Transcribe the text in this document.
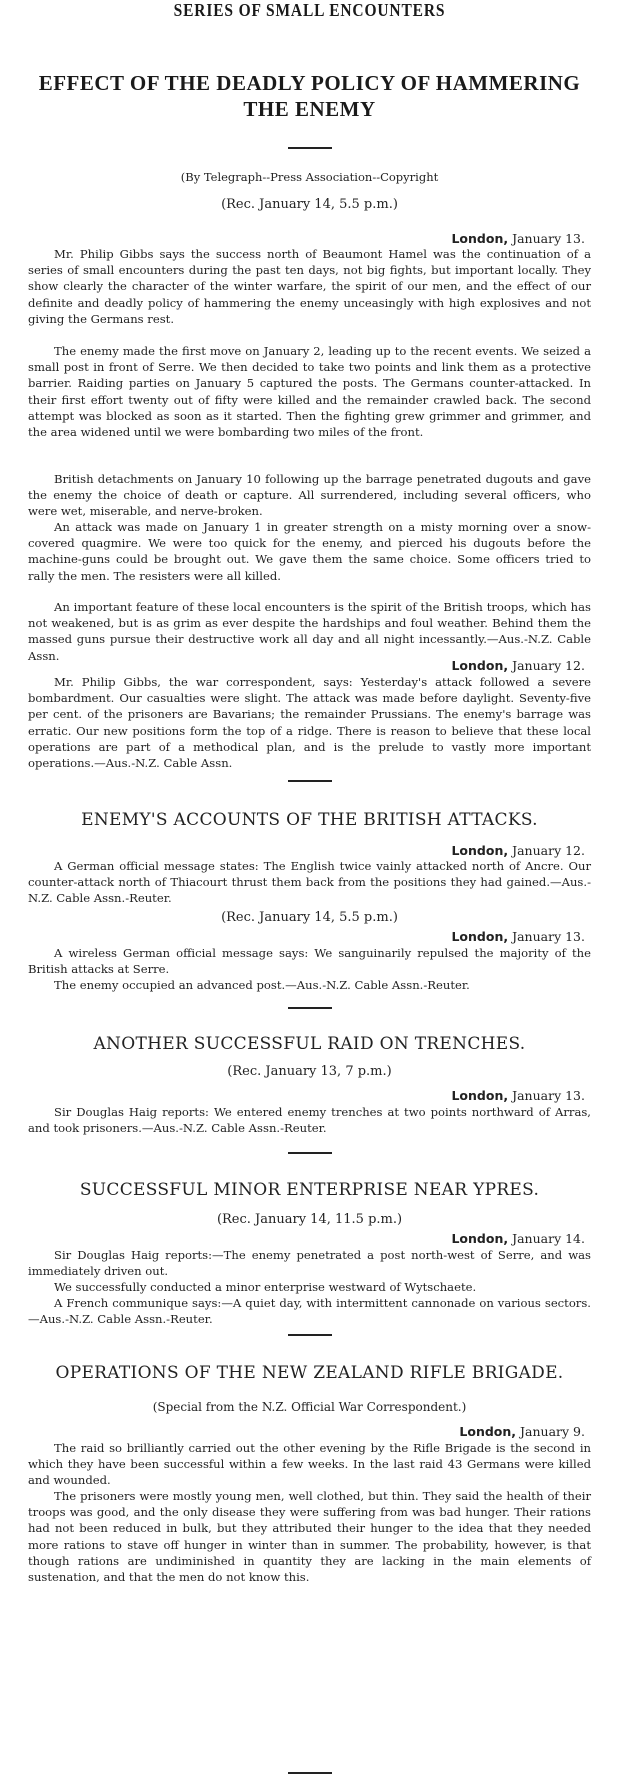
SERIES OF SMALL ENCOUNTERS
EFFECT OF THE DEADLY POLICY OF HAMMERING THE ENEMY
(By Telegraph--Press Association--Copyright
(Rec. January 14, 5.5 p.m.)
London, January 13.

Mr. Philip Gibbs says the success north of Beaumont Hamel was the continuation of a series of small encounters during the past ten days, not big fights, but important locally. They show clearly the character of the winter warfare, the spirit of our men, and the effect of our definite and deadly policy of hammering the enemy unceasingly with high explosives and not giving the Germans rest.

The enemy made the first move on January 2, leading up to the recent events. We seized a small post in front of Serre. We then decided to take two points and link them as a protective barrier. Raiding parties on January 5 captured the posts. The Germans counter-attacked. In their first effort twenty out of fifty were killed and the remainder crawled back. The second attempt was blocked as soon as it started. Then the fighting grew grimmer and grimmer, and the area widened until we were bombarding two miles of the front.

British detachments on January 10 following up the barrage penetrated dugouts and gave the enemy the choice of death or capture. All surrendered, including several officers, who were wet, miserable, and nerve-broken.

An attack was made on January 1 in greater strength on a misty morning over a snow-covered quagmire. We were too quick for the enemy, and pierced his dugouts before the machine-guns could be brought out. We gave them the same choice. Some officers tried to rally the men. The resisters were all killed.

An important feature of these local encounters is the spirit of the British troops, which has not weakened, but is as grim as ever despite the hardships and foul weather. Behind them the massed guns pursue their destructive work all day and all night incessantly.—Aus.-N.Z. Cable Assn.

London, January 12.

Mr. Philip Gibbs, the war correspondent, says: Yesterday's attack followed a severe bombardment. Our casualties were slight. The attack was made before daylight. Seventy-five per cent. of the prisoners are Bavarians; the remainder Prussians. The enemy's barrage was erratic. Our new positions form the top of a ridge. There is reason to believe that these local operations are part of a methodical plan, and is the prelude to vastly more important operations.—Aus.-N.Z. Cable Assn.

ENEMY'S ACCOUNTS OF THE BRITISH ATTACKS.
London, January 12.

A German official message states: The English twice vainly attacked north of Ancre. Our counter-attack north of Thiacourt thrust them back from the positions they had gained.—Aus.-N.Z. Cable Assn.-Reuter.

(Rec. January 14, 5.5 p.m.)
London, January 13.

A wireless German official message says: We sanguinarily repulsed the majority of the British attacks at Serre.

The enemy occupied an advanced post.—Aus.-N.Z. Cable Assn.-Reuter.

ANOTHER SUCCESSFUL RAID ON TRENCHES.
(Rec. January 13, 7 p.m.)
London, January 13.

Sir Douglas Haig reports: We entered enemy trenches at two points northward of Arras, and took prisoners.—Aus.-N.Z. Cable Assn.-Reuter.

SUCCESSFUL MINOR ENTERPRISE NEAR YPRES.
(Rec. January 14, 11.5 p.m.)
London, January 14.

Sir Douglas Haig reports:—The enemy penetrated a post north-west of Serre, and was immediately driven out.

We successfully conducted a minor enterprise westward of Wytschaete.

A French communique says:—A quiet day, with intermittent cannonade on various sectors.—Aus.-N.Z. Cable Assn.-Reuter.

OPERATIONS OF THE NEW ZEALAND RIFLE BRIGADE.
(Special from the N.Z. Official War Correspondent.)
London, January 9.

The raid so brilliantly carried out the other evening by the Rifle Brigade is the second in which they have been successful within a few weeks. In the last raid 43 Germans were killed and wounded.

The prisoners were mostly young men, well clothed, but thin. They said the health of their troops was good, and the only disease they were suffering from was bad hunger. Their rations had not been reduced in bulk, but they attributed their hunger to the idea that they needed more rations to stave off hunger in winter than in summer. The probability, however, is that though rations are undiminished in quantity they are lacking in the main elements of sustenation, and that the men do not know this.
